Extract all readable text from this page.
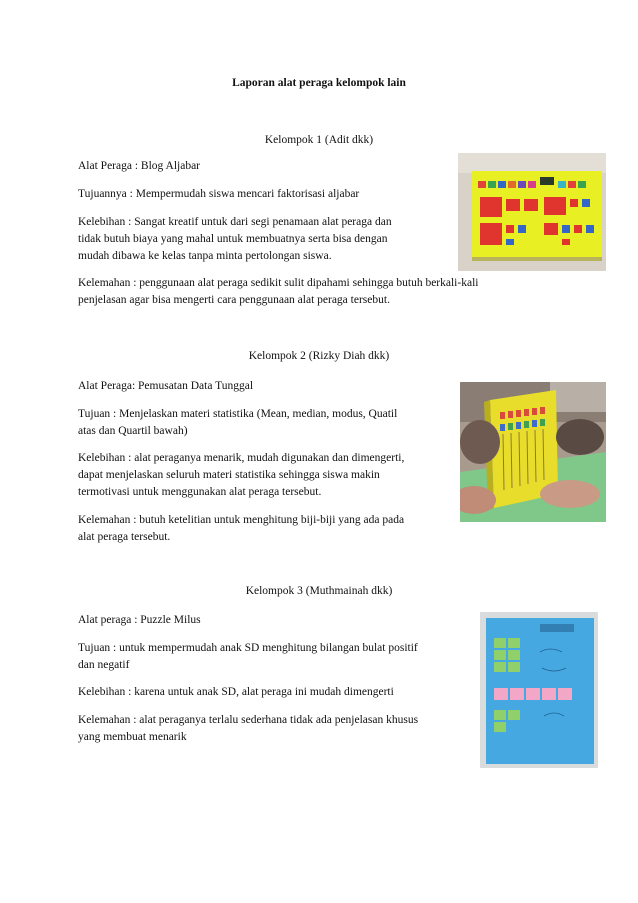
Laporan alat peraga kelompok lain
Kelompok 1 (Adit dkk)

Alat Peraga : Blog Aljabar

Tujuannya : Mempermudah siswa mencari faktorisasi aljabar

Kelebihan : Sangat kreatif untuk dari segi penamaan alat peraga dan
tidak butuh biaya yang mahal untuk membuatnya serta bisa dengan
mudah dibawa ke kelas tanpa minta pertolongan siswa.
Kelemahan : penggunaan alat peraga sedikit sulit dipahami sehingga butuh berkali-kali
penjelasan agar bisa mengerti cara penggunaan alat peraga tersebut.
Kelompok 2 (Rizky Diah dkk)

Alat Peraga: Pemusatan Data Tunggal

Tujuan : Menjelaskan materi statistika (Mean, median, modus, Quatil
atas dan Quartil bawah)
Kelebihan : alat peraganya menarik, mudah digunakan dan dimengerti,
dapat menjelaskan seluruh materi statistika sehingga siswa makin
termotivasi untuk menggunakan alat peraga tersebut.
Kelemahan : butuh ketelitian untuk menghitung biji-biji yang ada pada
alat peraga tersebut.
Kelompok 3 (Muthmainah dkk)

Alat peraga : Puzzle Milus

Tujuan : untuk mempermudah anak SD menghitung bilangan bulat positif
dan negatif

Kelebihan : karena untuk anak SD, alat peraga ini mudah dimengerti

Kelemahan : alat peraganya terlalu sederhana tidak ada penjelasan khusus
yang membuat menarik
